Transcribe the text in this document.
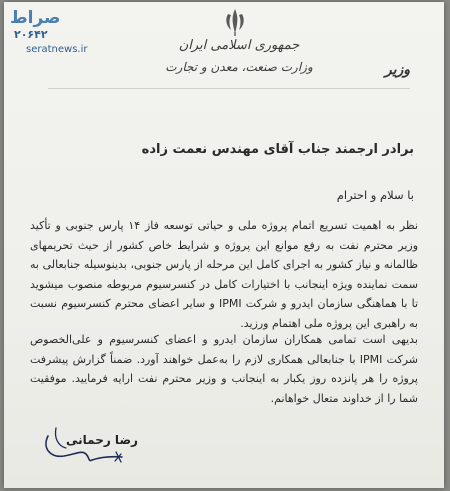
صراط
۲۰۶۴۲
seratnews.ir	جمهوری اسلامی ایران
وزارت صنعت، معدن و تجارت	وزیر
برادر ارجمند جناب آقای مهندس نعمت زاده
با سلام و احترام

نظر به اهمیت تسریع اتمام پروژه ملی و حیاتی توسعه فاز ۱۴ پارس جنوبی و تأکید وزیر محترم نفت به رفع موانع این پروژه و شرایط خاص کشور از حیث تحریمهای ظالمانه و نیاز کشور به اجرای کامل این مرحله از پارس جنوبی، بدینوسیله جنابعالی به سمت نماینده ویژه اینجانب با اختیارات کامل در کنسرسیوم مربوطه منصوب میشوید تا با هماهنگی سازمان ایدرو و شرکت IPMI و سایر اعضای محترم کنسرسیوم نسبت به راهبری این پروژه ملی اهتمام ورزید.

بدیهی است تمامی همکاران سازمان ایدرو و اعضای کنسرسیوم و علی‌الخصوص شرکت IPMI با جنابعالی همکاری لازم را به‌عمل خواهند آورد. ضمناً گزارش پیشرفت پروژه را هر پانزده روز یکبار به اینجانب و وزیر محترم نفت ارایه فرمایید. موفقیت شما را از خداوند متعال خواهانم.

رضا رحمانی
